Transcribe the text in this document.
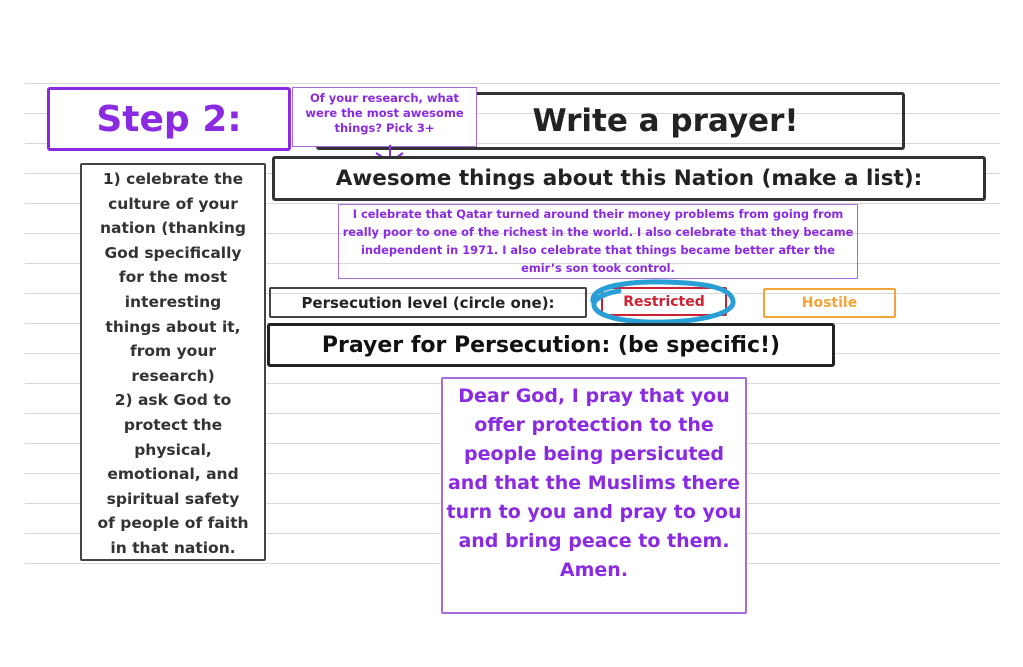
Write a prayer!
Step 2:
Of your research, what were the most awesome things? Pick 3+
1) celebrate the
culture of your
nation (thanking
God specifically
for the most
interesting
things about it,
from your
research)
2) ask God to
protect the
physical,
emotional, and
spiritual safety
of people of faith
in that nation.
Awesome things about this Nation (make a list):
I celebrate that Qatar turned around their money problems from going from really poor to one of the richest in the world. I also celebrate that they became independent in 1971. I also celebrate that things became better after the emir’s son took control.
Persecution level (circle one):	Restricted	Hostile
Prayer for Persecution: (be specific!)
Dear God, I pray that you offer protection to the people being persicuted and that the Muslims there turn to you and pray to you and bring peace to them. Amen.
